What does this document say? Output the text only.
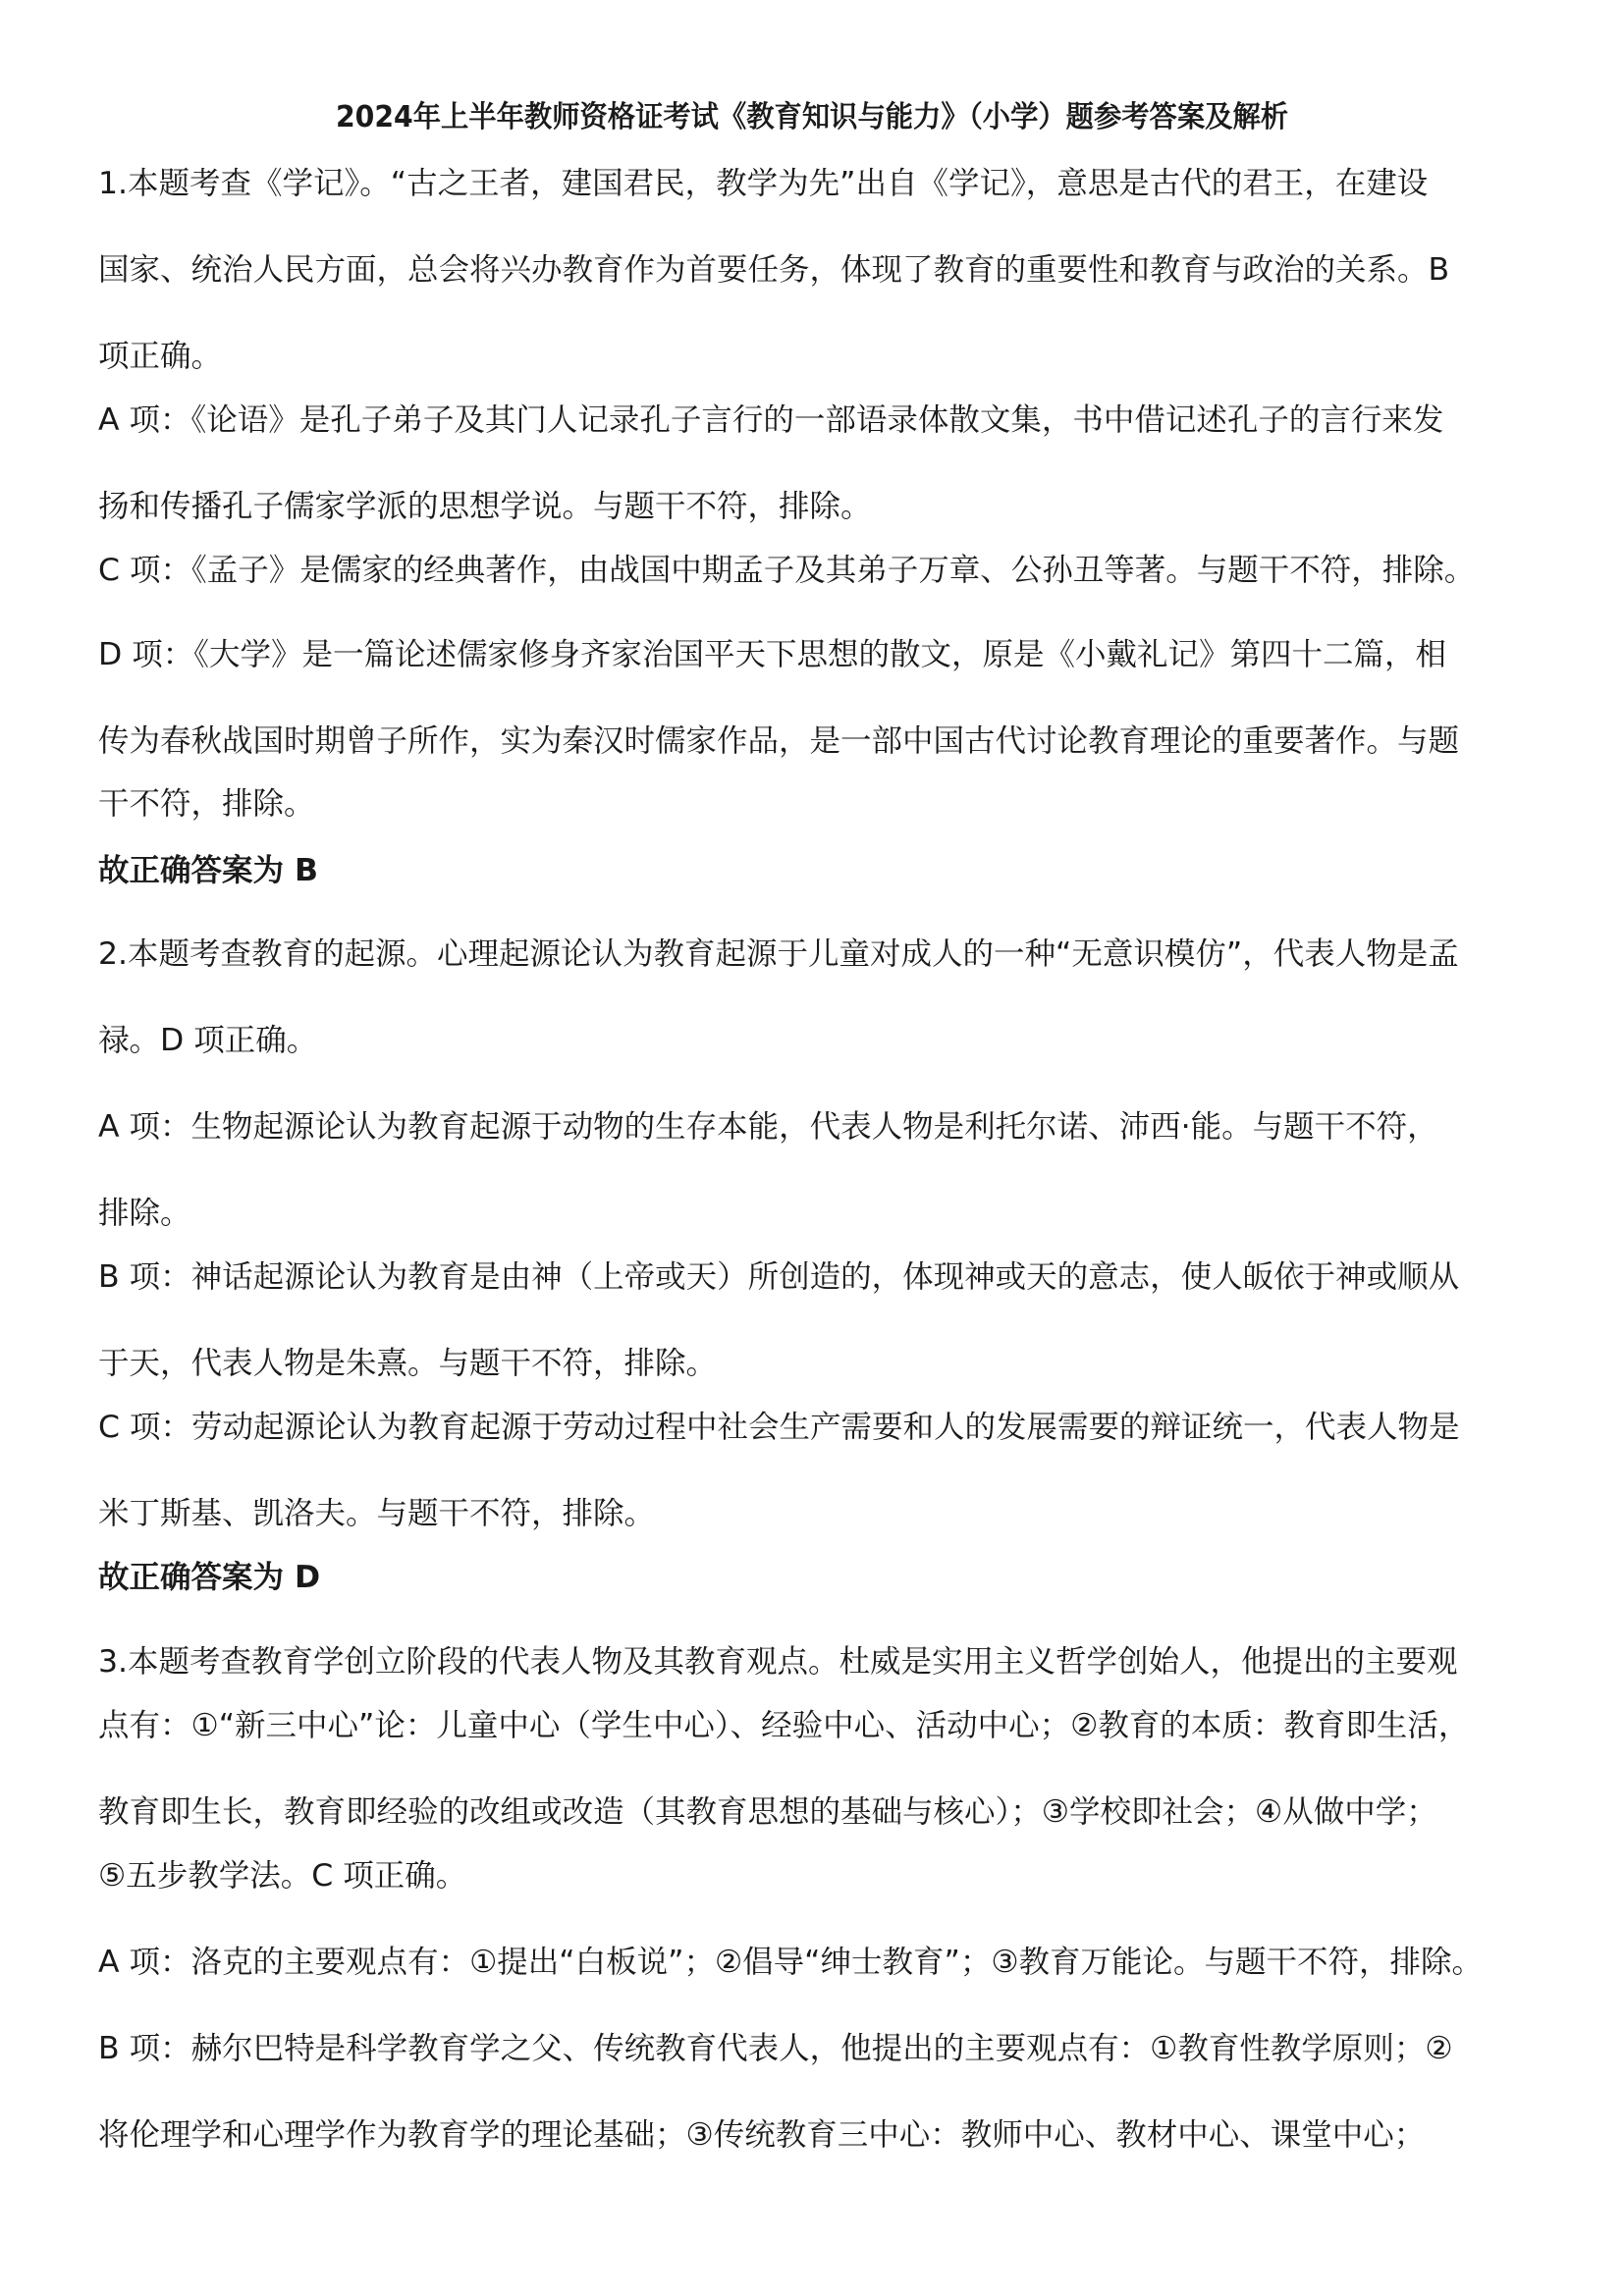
2024年上半年教师资格证考试《教育知识与能力》（小学）题参考答案及解析
1.本题考查《学记》。“古之王者，建国君民，教学为先”出自《学记》，意思是古代的君王，在建设
国家、统治人民方面，总会将兴办教育作为首要任务，体现了教育的重要性和教育与政治的关系。B
项正确。
A 项：《论语》是孔子弟子及其门人记录孔子言行的一部语录体散文集，书中借记述孔子的言行来发
扬和传播孔子儒家学派的思想学说。与题干不符，排除。
C 项：《孟子》是儒家的经典著作，由战国中期孟子及其弟子万章、公孙丑等著。与题干不符，排除。
D 项：《大学》是一篇论述儒家修身齐家治国平天下思想的散文，原是《小戴礼记》第四十二篇，相
传为春秋战国时期曾子所作，实为秦汉时儒家作品，是一部中国古代讨论教育理论的重要著作。与题
干不符，排除。
故正确答案为 B
2.本题考查教育的起源。心理起源论认为教育起源于儿童对成人的一种“无意识模仿”，代表人物是孟
禄。D 项正确。
A 项：生物起源论认为教育起源于动物的生存本能，代表人物是利托尔诺、沛西·能。与题干不符，
排除。
B 项：神话起源论认为教育是由神（上帝或天）所创造的，体现神或天的意志，使人皈依于神或顺从
于天，代表人物是朱熹。与题干不符，排除。
C 项：劳动起源论认为教育起源于劳动过程中社会生产需要和人的发展需要的辩证统一，代表人物是
米丁斯基、凯洛夫。与题干不符，排除。
故正确答案为 D
3.本题考查教育学创立阶段的代表人物及其教育观点。杜威是实用主义哲学创始人，他提出的主要观
点有：①“新三中心”论：儿童中心（学生中心）、经验中心、活动中心；②教育的本质：教育即生活，
教育即生长，教育即经验的改组或改造（其教育思想的基础与核心）；③学校即社会；④从做中学；
⑤五步教学法。C 项正确。
A 项：洛克的主要观点有：①提出“白板说”；②倡导“绅士教育”；③教育万能论。与题干不符，排除。
B 项：赫尔巴特是科学教育学之父、传统教育代表人，他提出的主要观点有：①教育性教学原则；②
将伦理学和心理学作为教育学的理论基础；③传统教育三中心：教师中心、教材中心、课堂中心；
